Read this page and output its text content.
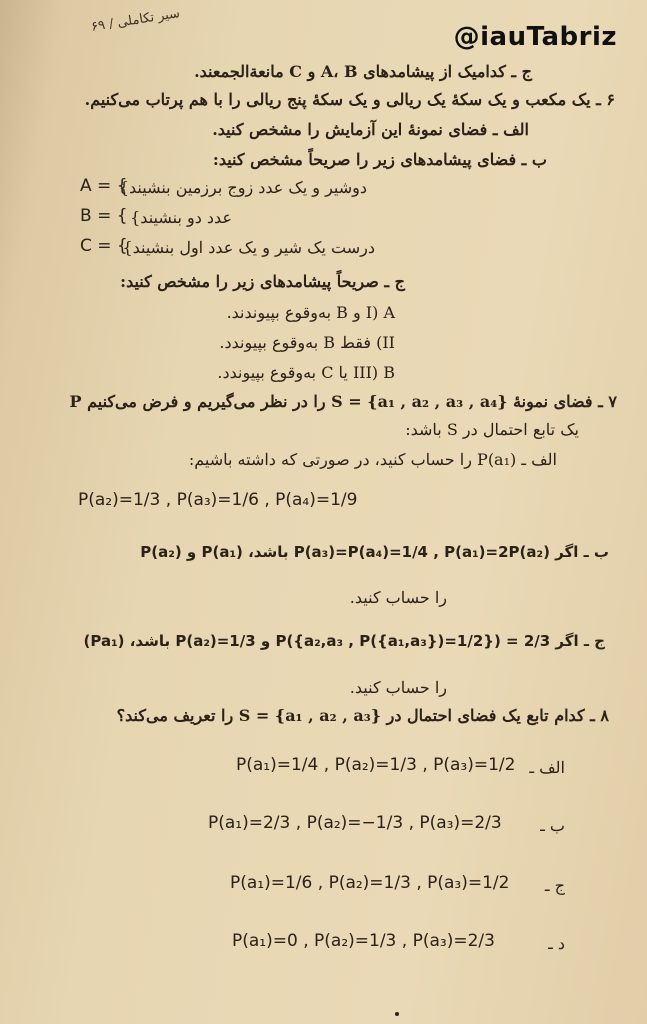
سیر تکاملی / ۶۹
@iauTabriz
ج ـ کدامیک از پیشامدهای A، B و C مانعةالجمعند.
۶ ـ یک مکعب و یک سکهٔ یک ریالی و یک سکهٔ پنج ریالی را با هم پرتاب می‌کنیم.
الف ـ فضای نمونهٔ این آزمایش را مشخص کنید.
ب ـ فضای پیشامدهای زیر را صریحاً مشخص کنید:
دوشیر و یک عدد زوج برزمین بنشیند}
A = {
عدد دو بنشیند}
B = {
درست یک شیر و یک عدد اول بنشیند}
C = {
ج ـ صریحاً پیشامدهای زیر را مشخص کنید:
I) A و B به‌وقوع بپیوندند.
II) فقط B به‌وقوع بپیوندد.
III) B یا C به‌وقوع بپیوندد.
۷ ـ فضای نمونهٔ {a₁ , a₂ , a₃ , a₄} = S را در نظر می‌گیریم و فرض می‌کنیم P
یک تابع احتمال در S باشد:
الف ـ (P(a₁ را حساب کنید، در صورتی که داشته باشیم:
P(a₂)=1/3 , P(a₃)=1/6 , P(a₄)=1/9
ب ـ اگر P(a₃)=P(a₄)=1/4 , P(a₁)=2P(a₂) باشد، P(a₁) و P(a₂)
را حساب کنید.
ج ـ اگر 2/3 = ({P({a₂,a₃ , P({a₁,a₃})=1/2 و P(a₂)=1/3 باشد، (Pa₁)
را حساب کنید.
۸ ـ کدام تابع یک فضای احتمال در {a₁ , a₂ , a₃} = S را تعریف می‌کند؟
الف ـ
P(a₁)=1/4 , P(a₂)=1/3 , P(a₃)=1/2
ب ـ
P(a₁)=2/3 , P(a₂)=−1/3 , P(a₃)=2/3
ج ـ
P(a₁)=1/6 , P(a₂)=1/3 , P(a₃)=1/2
د ـ
P(a₁)=0 , P(a₂)=1/3 , P(a₃)=2/3
